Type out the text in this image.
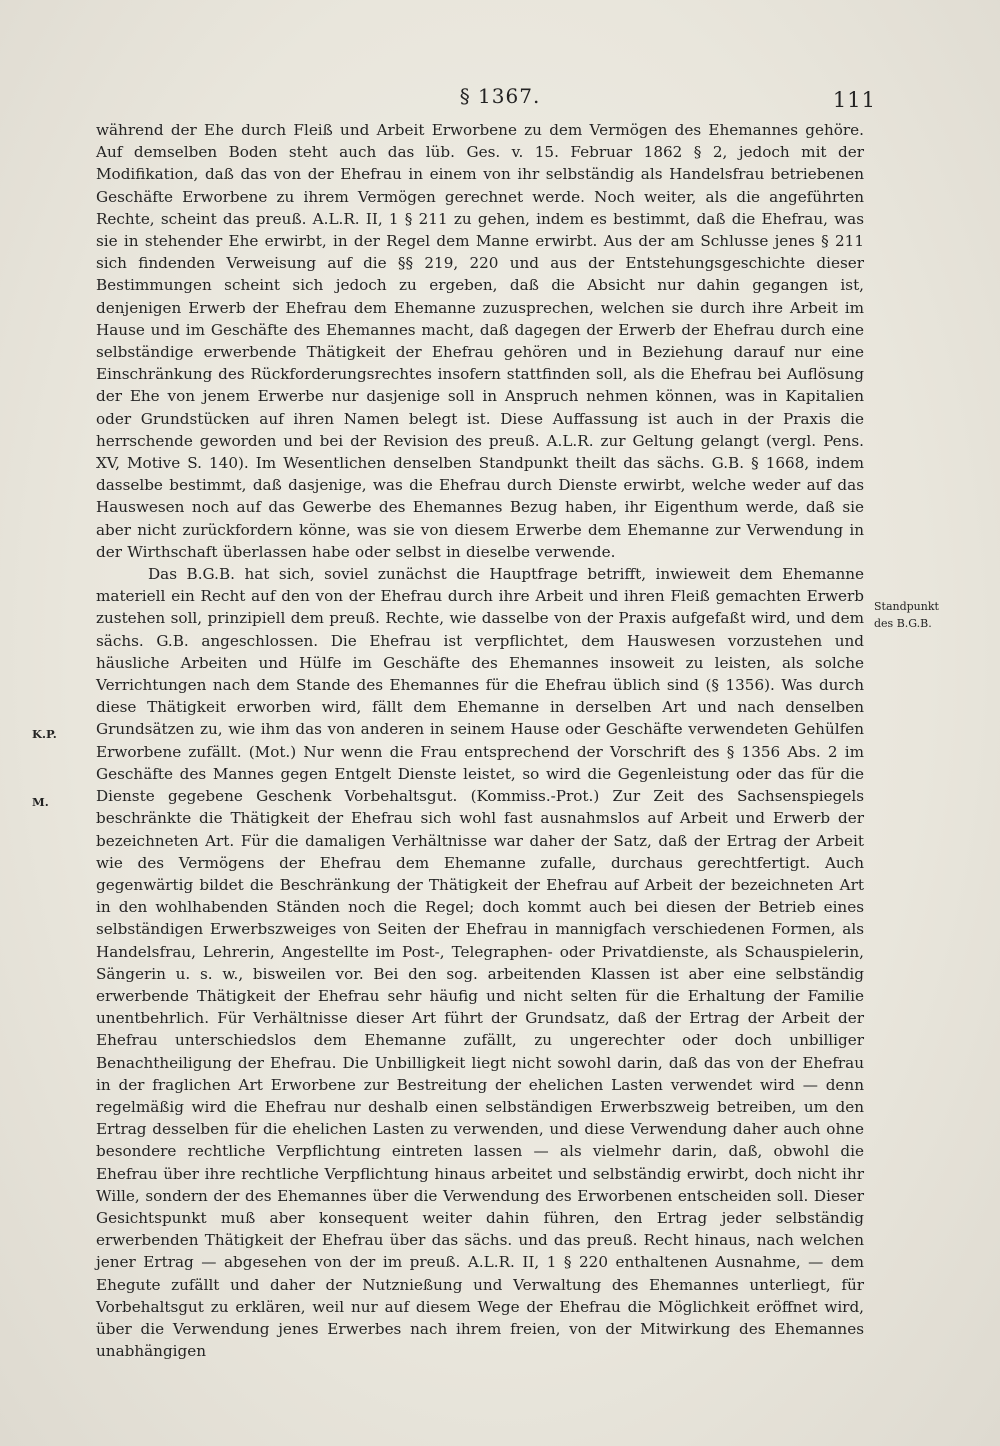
§ 1367.	111
Standpunkt
des B.G.B.
K.P.
M.

während der Ehe durch Fleiß und Arbeit Erworbene zu dem Vermögen des Ehemannes gehöre. Auf demselben Boden steht auch das lüb. Ges. v. 15. Februar 1862 § 2, jedoch mit der Modifikation, daß das von der Ehefrau in einem von ihr selbständig als Handelsfrau betriebenen Geschäfte Erworbene zu ihrem Vermögen gerechnet werde. Noch weiter, als die angeführten Rechte, scheint das preuß. A.L.R. II, 1 § 211 zu gehen, indem es bestimmt, daß die Ehefrau, was sie in stehender Ehe erwirbt, in der Regel dem Manne erwirbt. Aus der am Schlusse jenes § 211 sich findenden Verweisung auf die §§ 219, 220 und aus der Entstehungsgeschichte dieser Bestimmungen scheint sich jedoch zu ergeben, daß die Absicht nur dahin gegangen ist, denjenigen Erwerb der Ehefrau dem Ehemanne zuzusprechen, welchen sie durch ihre Arbeit im Hause und im Geschäfte des Ehemannes macht, daß dagegen der Erwerb der Ehefrau durch eine selbständige erwerbende Thätigkeit der Ehefrau gehören und in Beziehung darauf nur eine Einschränkung des Rückforderungsrechtes insofern stattfinden soll, als die Ehefrau bei Auflösung der Ehe von jenem Erwerbe nur dasjenige soll in Anspruch nehmen können, was in Kapitalien oder Grundstücken auf ihren Namen belegt ist. Diese Auffassung ist auch in der Praxis die herrschende geworden und bei der Revision des preuß. A.L.R. zur Geltung gelangt (vergl. Pens. XV, Motive S. 140). Im Wesentlichen denselben Standpunkt theilt das sächs. G.B. § 1668, indem dasselbe bestimmt, daß dasjenige, was die Ehefrau durch Dienste erwirbt, welche weder auf das Hauswesen noch auf das Gewerbe des Ehemannes Bezug haben, ihr Eigenthum werde, daß sie aber nicht zurückfordern könne, was sie von diesem Erwerbe dem Ehemanne zur Verwendung in der Wirthschaft überlassen habe oder selbst in dieselbe verwende.

Das B.G.B. hat sich, soviel zunächst die Hauptfrage betrifft, inwieweit dem Ehemanne materiell ein Recht auf den von der Ehefrau durch ihre Arbeit und ihren Fleiß gemachten Erwerb zustehen soll, prinzipiell dem preuß. Rechte, wie dasselbe von der Praxis aufgefaßt wird, und dem sächs. G.B. angeschlossen. Die Ehefrau ist verpflichtet, dem Hauswesen vorzustehen und häusliche Arbeiten und Hülfe im Geschäfte des Ehemannes insoweit zu leisten, als solche Verrichtungen nach dem Stande des Ehemannes für die Ehefrau üblich sind (§ 1356). Was durch diese Thätigkeit erworben wird, fällt dem Ehemanne in derselben Art und nach denselben Grundsätzen zu, wie ihm das von anderen in seinem Hause oder Geschäfte verwendeten Gehülfen Erworbene zufällt. (Mot.) Nur wenn die Frau entsprechend der Vorschrift des § 1356 Abs. 2 im Geschäfte des Mannes gegen Entgelt Dienste leistet, so wird die Gegenleistung oder das für die Dienste gegebene Geschenk Vorbehaltsgut. (Kommiss.-Prot.) Zur Zeit des Sachsenspiegels beschränkte die Thätigkeit der Ehefrau sich wohl fast ausnahmslos auf Arbeit und Erwerb der bezeichneten Art. Für die damaligen Verhältnisse war daher der Satz, daß der Ertrag der Arbeit wie des Vermögens der Ehefrau dem Ehemanne zufalle, durchaus gerechtfertigt. Auch gegenwärtig bildet die Beschränkung der Thätigkeit der Ehefrau auf Arbeit der bezeichneten Art in den wohlhabenden Ständen noch die Regel; doch kommt auch bei diesen der Betrieb eines selbständigen Erwerbszweiges von Seiten der Ehefrau in mannigfach verschiedenen Formen, als Handelsfrau, Lehrerin, Angestellte im Post-, Telegraphen- oder Privatdienste, als Schauspielerin, Sängerin u. s. w., bisweilen vor. Bei den sog. arbeitenden Klassen ist aber eine selbständig erwerbende Thätigkeit der Ehefrau sehr häufig und nicht selten für die Erhaltung der Familie unentbehrlich. Für Verhältnisse dieser Art führt der Grundsatz, daß der Ertrag der Arbeit der Ehefrau unterschiedslos dem Ehemanne zufällt, zu ungerechter oder doch unbilliger Benachtheiligung der Ehefrau. Die Unbilligkeit liegt nicht sowohl darin, daß das von der Ehefrau in der fraglichen Art Erworbene zur Bestreitung der ehelichen Lasten verwendet wird — denn regelmäßig wird die Ehefrau nur deshalb einen selbständigen Erwerbszweig betreiben, um den Ertrag desselben für die ehelichen Lasten zu verwenden, und diese Verwendung daher auch ohne besondere rechtliche Verpflichtung eintreten lassen — als vielmehr darin, daß, obwohl die Ehefrau über ihre rechtliche Verpflichtung hinaus arbeitet und selbständig erwirbt, doch nicht ihr Wille, sondern der des Ehemannes über die Verwendung des Erworbenen entscheiden soll. Dieser Gesichtspunkt muß aber konsequent weiter dahin führen, den Ertrag jeder selbständig erwerbenden Thätigkeit der Ehefrau über das sächs. und das preuß. Recht hinaus, nach welchen jener Ertrag — abgesehen von der im preuß. A.L.R. II, 1 § 220 enthaltenen Ausnahme, — dem Ehegute zufällt und daher der Nutznießung und Verwaltung des Ehemannes unterliegt, für Vorbehaltsgut zu erklären, weil nur auf diesem Wege der Ehefrau die Möglichkeit eröffnet wird, über die Verwendung jenes Erwerbes nach ihrem freien, von der Mitwirkung des Ehemannes unabhängigen
